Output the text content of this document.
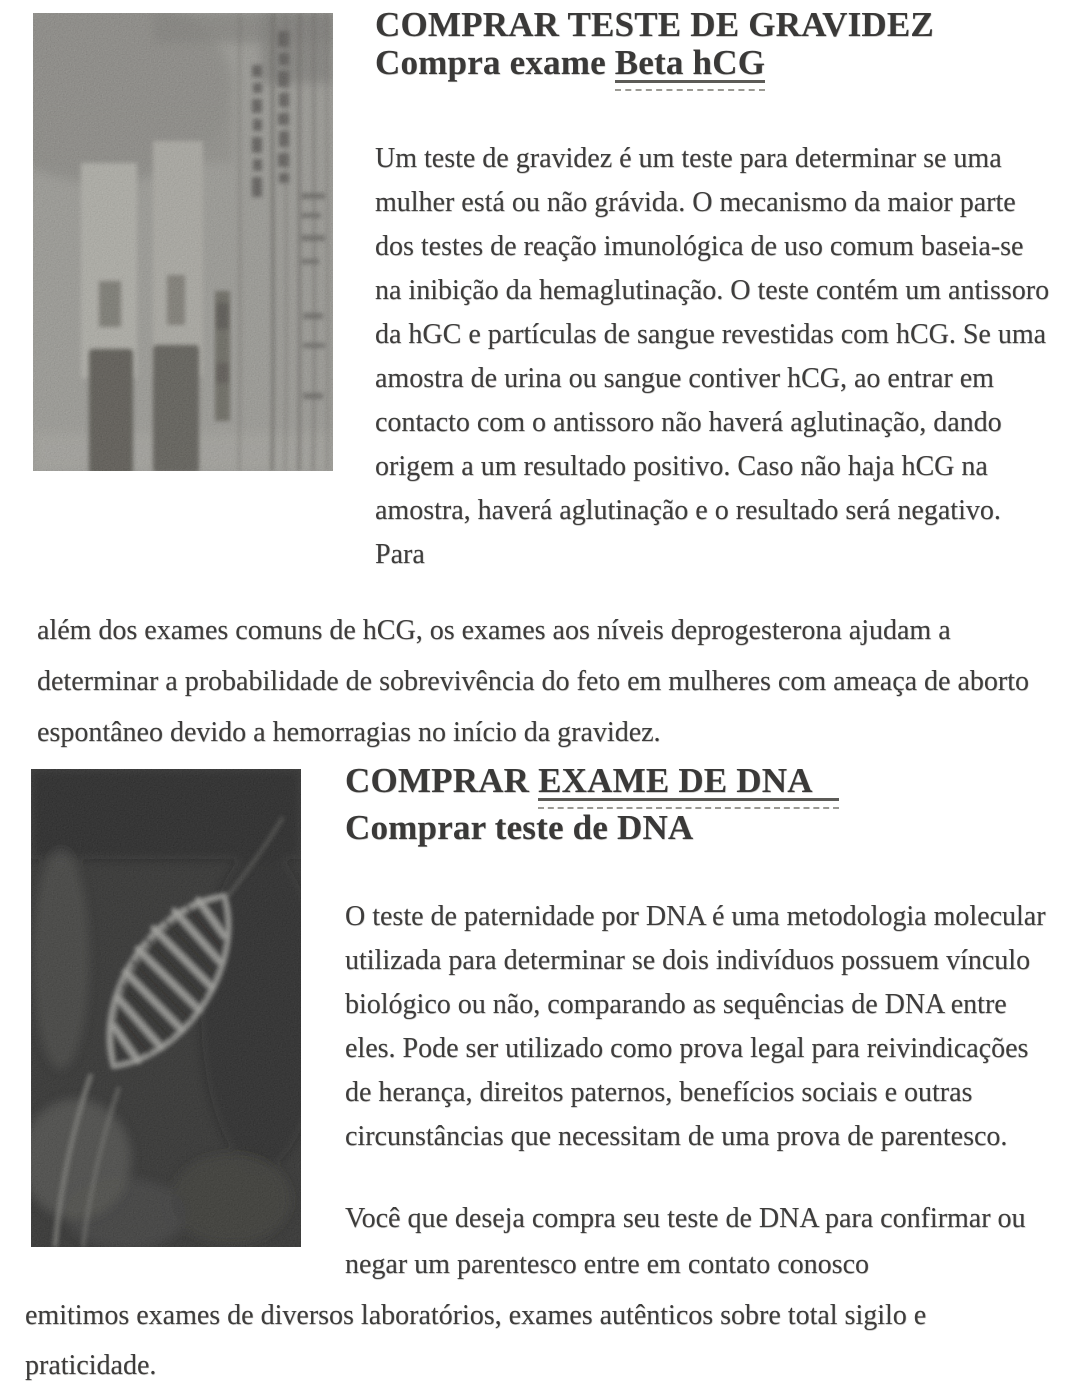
COMPRAR TESTE DE GRAVIDEZ
Compra exame Beta hCG

Um teste de gravidez é um teste para determinar se uma mulher está ou não grávida. O mecanismo da maior parte dos testes de reação imunológica de uso comum baseia-se na inibição da hemaglutinação. O teste contém um antissoro da hGC e partículas de sangue revestidas com hCG. Se uma amostra de urina ou sangue contiver hCG, ao entrar em contacto com o antissoro não haverá aglutinação, dando origem a um resultado positivo. Caso não haja hCG na amostra, haverá aglutinação e o resultado será negativo. Para

além dos exames comuns de hCG, os exames aos níveis deprogesterona ajudam a determinar a probabilidade de sobrevivência do feto em mulheres com ameaça de aborto espontâneo devido a hemorragias no início da gravidez.

COMPRAR EXAME DE DNA
Comprar teste de DNA

O teste de paternidade por DNA é uma metodologia molecular utilizada para determinar se dois indivíduos possuem vínculo biológico ou não, comparando as sequências de DNA entre eles. Pode ser utilizado como prova legal para reivindicações de herança, direitos paternos, benefícios sociais e outras circunstâncias que necessitam de uma prova de parentesco.

Você que deseja compra seu teste de DNA para confirmar ou negar um parentesco entre em contato conosco

emitimos exames de diversos laboratórios, exames autênticos sobre total sigilo e praticidade.
